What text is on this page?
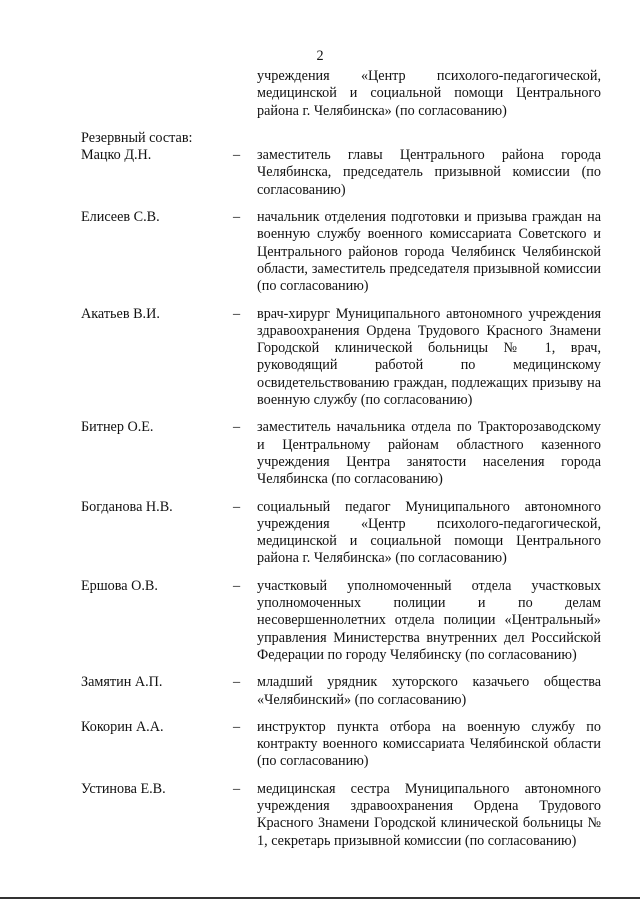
2
учреждения «Центр психолого-педагогической, медицинской и социальной помощи Центрального района г. Челябинска» (по согласованию)
Резервный состав:
Мацко Д.Н.	–	заместитель главы Центрального района города Челябинска, председатель призывной комиссии (по согласованию)
Елисеев С.В.	–	начальник отделения подготовки и призыва граждан на военную службу военного комиссариата Советского и Центрального районов города Челябинск Челябинской области, заместитель председателя призывной комиссии (по согласованию)
Акатьев В.И.	–	врач-хирург Муниципального автономного учреждения здравоохранения Ордена Трудового Красного Знамени Городской клинической больницы № 1, врач, руководящий работой по медицинскому освидетельствованию граждан, подлежащих призыву на военную службу (по согласованию)
Битнер О.Е.	–	заместитель начальника отдела по Тракторозаводскому и Центральному районам областного казенного учреждения Центра занятости населения города Челябинска (по согласованию)
Богданова Н.В.	–	социальный педагог Муниципального автономного учреждения «Центр психолого-педагогической, медицинской и социальной помощи Центрального района г. Челябинска» (по согласованию)
Ершова О.В.	–	участковый уполномоченный отдела участковых уполномоченных полиции и по делам несовершеннолетних отдела полиции «Центральный» управления Министерства внутренних дел Российской Федерации по городу Челябинску (по согласованию)
Замятин А.П.	–	младший урядник хуторского казачьего общества «Челябинский» (по согласованию)
Кокорин А.А.	–	инструктор пункта отбора на военную службу по контракту военного комиссариата Челябинской области (по согласованию)
Устинова Е.В.	–	медицинская сестра Муниципального автономного учреждения здравоохранения Ордена Трудового Красного Знамени Городской клинической больницы № 1, секретарь призывной комиссии (по согласованию)
